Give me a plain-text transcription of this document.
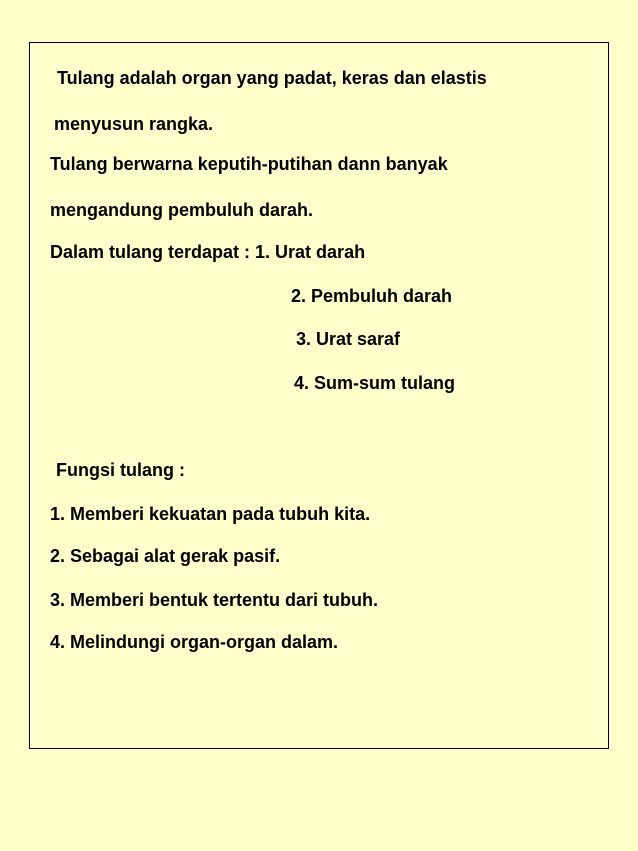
Tulang adalah organ yang padat, keras dan elastis
menyusun rangka.
Tulang berwarna keputih-putihan dann banyak
mengandung pembuluh darah.
Dalam tulang terdapat : 1. Urat darah
2. Pembuluh darah
3. Urat saraf
4. Sum-sum tulang
Fungsi tulang :
1. Memberi kekuatan pada tubuh kita.
2. Sebagai alat gerak pasif.
3. Memberi bentuk tertentu dari tubuh.
4. Melindungi organ-organ dalam.
